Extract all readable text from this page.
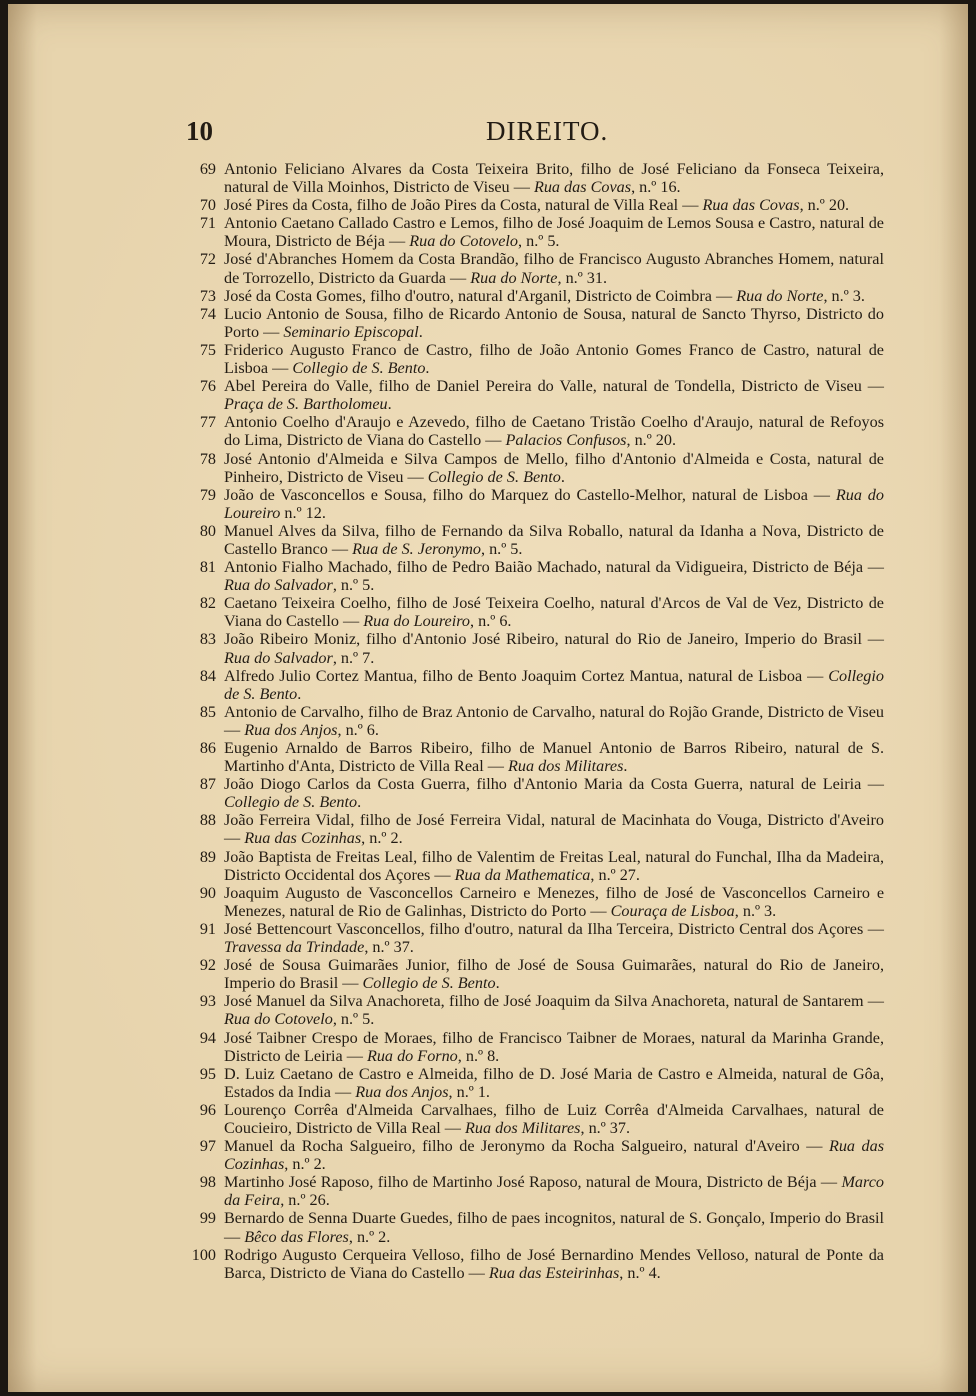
10	DIREITO.
69 Antonio Feliciano Alvares da Costa Teixeira Brito, filho de José Feliciano da Fonseca Teixeira, natural de Villa Moinhos, Districto de Viseu — Rua das Covas, n.º 16.
70 José Pires da Costa, filho de João Pires da Costa, natural de Villa Real — Rua das Covas, n.º 20.
71 Antonio Caetano Callado Castro e Lemos, filho de José Joaquim de Lemos Sousa e Castro, natural de Moura, Districto de Béja — Rua do Cotovelo, n.º 5.
72 José d'Abranches Homem da Costa Brandão, filho de Francisco Augusto Abranches Homem, natural de Torrozello, Districto da Guarda — Rua do Norte, n.º 31.
73 José da Costa Gomes, filho d'outro, natural d'Arganil, Districto de Coimbra — Rua do Norte, n.º 3.
74 Lucio Antonio de Sousa, filho de Ricardo Antonio de Sousa, natural de Sancto Thyrso, Districto do Porto — Seminario Episcopal.
75 Friderico Augusto Franco de Castro, filho de João Antonio Gomes Franco de Castro, natural de Lisboa — Collegio de S. Bento.
76 Abel Pereira do Valle, filho de Daniel Pereira do Valle, natural de Tondella, Districto de Viseu — Praça de S. Bartholomeu.
77 Antonio Coelho d'Araujo e Azevedo, filho de Caetano Tristão Coelho d'Araujo, natural de Refoyos do Lima, Districto de Viana do Castello — Palacios Confusos, n.º 20.
78 José Antonio d'Almeida e Silva Campos de Mello, filho d'Antonio d'Almeida e Costa, natural de Pinheiro, Districto de Viseu — Collegio de S. Bento.
79 João de Vasconcellos e Sousa, filho do Marquez do Castello-Melhor, natural de Lisboa — Rua do Loureiro n.º 12.
80 Manuel Alves da Silva, filho de Fernando da Silva Roballo, natural da Idanha a Nova, Districto de Castello Branco — Rua de S. Jeronymo, n.º 5.
81 Antonio Fialho Machado, filho de Pedro Baião Machado, natural da Vidigueira, Districto de Béja — Rua do Salvador, n.º 5.
82 Caetano Teixeira Coelho, filho de José Teixeira Coelho, natural d'Arcos de Val de Vez, Districto de Viana do Castello — Rua do Loureiro, n.º 6.
83 João Ribeiro Moniz, filho d'Antonio José Ribeiro, natural do Rio de Janeiro, Imperio do Brasil — Rua do Salvador, n.º 7.
84 Alfredo Julio Cortez Mantua, filho de Bento Joaquim Cortez Mantua, natural de Lisboa — Collegio de S. Bento.
85 Antonio de Carvalho, filho de Braz Antonio de Carvalho, natural do Rojão Grande, Districto de Viseu — Rua dos Anjos, n.º 6.
86 Eugenio Arnaldo de Barros Ribeiro, filho de Manuel Antonio de Barros Ribeiro, natural de S. Martinho d'Anta, Districto de Villa Real — Rua dos Militares.
87 João Diogo Carlos da Costa Guerra, filho d'Antonio Maria da Costa Guerra, natural de Leiria — Collegio de S. Bento.
88 João Ferreira Vidal, filho de José Ferreira Vidal, natural de Macinhata do Vouga, Districto d'Aveiro — Rua das Cozinhas, n.º 2.
89 João Baptista de Freitas Leal, filho de Valentim de Freitas Leal, natural do Funchal, Ilha da Madeira, Districto Occidental dos Açores — Rua da Mathematica, n.º 27.
90 Joaquim Augusto de Vasconcellos Carneiro e Menezes, filho de José de Vasconcellos Carneiro e Menezes, natural de Rio de Galinhas, Districto do Porto — Couraça de Lisboa, n.º 3.
91 José Bettencourt Vasconcellos, filho d'outro, natural da Ilha Terceira, Districto Central dos Açores — Travessa da Trindade, n.º 37.
92 José de Sousa Guimarães Junior, filho de José de Sousa Guimarães, natural do Rio de Janeiro, Imperio do Brasil — Collegio de S. Bento.
93 José Manuel da Silva Anachoreta, filho de José Joaquim da Silva Anachoreta, natural de Santarem — Rua do Cotovelo, n.º 5.
94 José Taibner Crespo de Moraes, filho de Francisco Taibner de Moraes, natural da Marinha Grande, Districto de Leiria — Rua do Forno, n.º 8.
95 D. Luiz Caetano de Castro e Almeida, filho de D. José Maria de Castro e Almeida, natural de Gôa, Estados da India — Rua dos Anjos, n.º 1.
96 Lourenço Corrêa d'Almeida Carvalhaes, filho de Luiz Corrêa d'Almeida Carvalhaes, natural de Coucieiro, Districto de Villa Real — Rua dos Militares, n.º 37.
97 Manuel da Rocha Salgueiro, filho de Jeronymo da Rocha Salgueiro, natural d'Aveiro — Rua das Cozinhas, n.º 2.
98 Martinho José Raposo, filho de Martinho José Raposo, natural de Moura, Districto de Béja — Marco da Feira, n.º 26.
99 Bernardo de Senna Duarte Guedes, filho de paes incognitos, natural de S. Gonçalo, Imperio do Brasil — Bêco das Flores, n.º 2.
100 Rodrigo Augusto Cerqueira Velloso, filho de José Bernardino Mendes Velloso, natural de Ponte da Barca, Districto de Viana do Castello — Rua das Esteirinhas, n.º 4.
